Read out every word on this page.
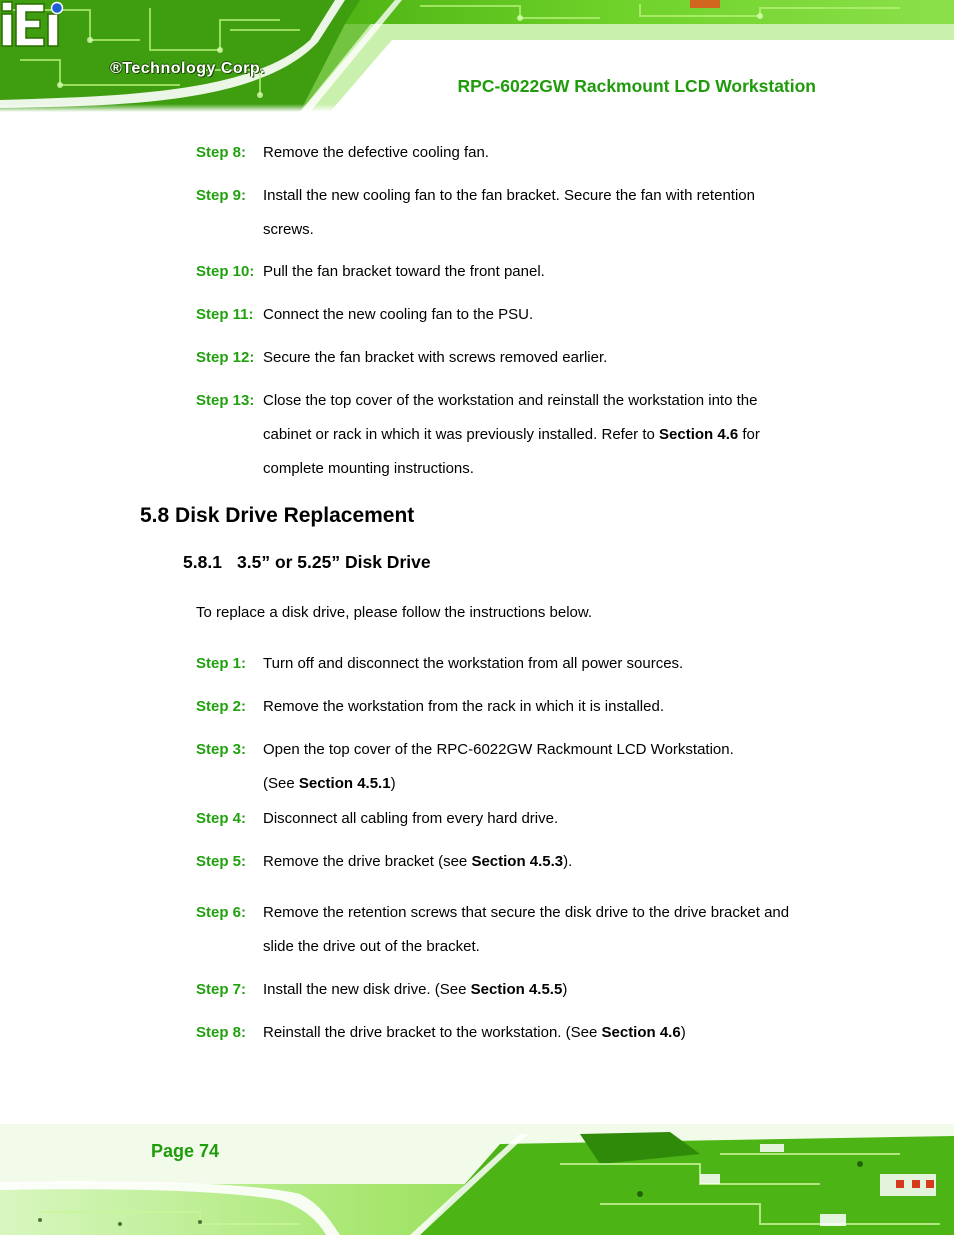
®Technology Corp.
RPC-6022GW Rackmount LCD Workstation
Step 8: Remove the defective cooling fan.
Step 9: Install the new cooling fan to the fan bracket. Secure the fan with retention screws.
Step 10: Pull the fan bracket toward the front panel.
Step 11: Connect the new cooling fan to the PSU.
Step 12: Secure the fan bracket with screws removed earlier.
Step 13: Close the top cover of the workstation and reinstall the workstation into the cabinet or rack in which it was previously installed. Refer to Section 4.6 for complete mounting instructions.
5.8 Disk Drive Replacement
5.8.1 3.5” or 5.25” Disk Drive
To replace a disk drive, please follow the instructions below.
Step 1: Turn off and disconnect the workstation from all power sources.
Step 2: Remove the workstation from the rack in which it is installed.
Step 3: Open the top cover of the RPC-6022GW Rackmount LCD Workstation.
(See Section 4.5.1)
Step 4: Disconnect all cabling from every hard drive.
Step 5: Remove the drive bracket (see Section 4.5.3).
Step 6: Remove the retention screws that secure the disk drive to the drive bracket and slide the drive out of the bracket.
Step 7: Install the new disk drive. (See Section 4.5.5)
Step 8: Reinstall the drive bracket to the workstation. (See Section 4.6)
Page 74
